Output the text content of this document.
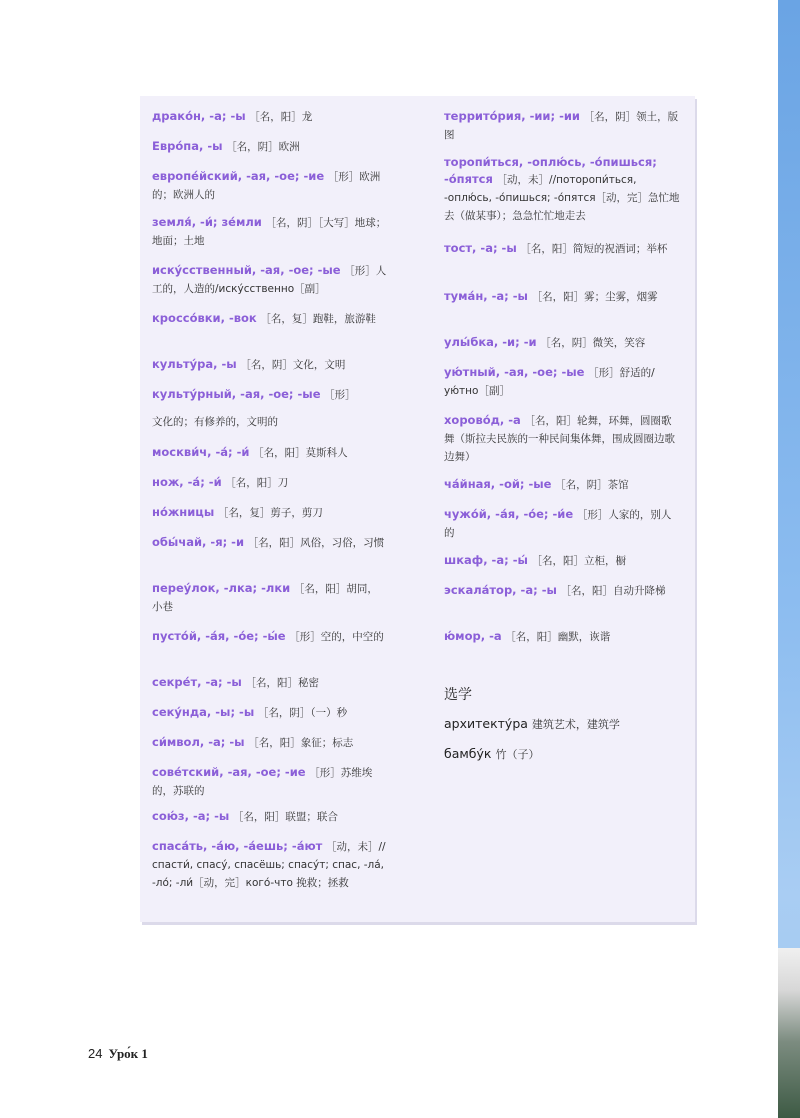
драко́н, -а; -ы ［名，阳］龙
Евро́па, -ы ［名，阴］欧洲
европе́йский, -ая, -ое; -ие ［形］欧洲的；欧洲人的
земля́, -и́; зе́мли ［名，阴］［大写］地球；地面；土地
иску́сственный, -ая, -ое; -ые ［形］人工的，人造的/иску́сственно［副］
кроссо́вки, -вок ［名，复］跑鞋，旅游鞋
культу́ра, -ы ［名，阴］文化，文明
культу́рный, -ая, -ое; -ые ［形］
文化的；有修养的，文明的
москви́ч, -а́; -и́ ［名，阳］莫斯科人
нож, -а́; -и́ ［名，阳］刀
но́жницы ［名，复］剪子，剪刀
обы́чай, -я; -и ［名，阳］风俗，习俗，习惯
переу́лок, -лка; -лки ［名，阳］胡同，小巷
пусто́й, -а́я, -о́е; -ы́е ［形］空的，中空的
секре́т, -а; -ы ［名，阳］秘密
секу́нда, -ы; -ы ［名，阴］（一）秒
си́мвол, -а; -ы ［名，阳］象征；标志
сове́тский, -ая, -ое; -ие ［形］苏维埃的，苏联的
сою́з, -а; -ы ［名，阳］联盟；联合
спаса́ть, -а́ю, -а́ешь; -а́ют ［动，未］//спасти́, спасу́, спасёшь; спасу́т; спас, -ла́, -ло́; -ли́［动，完］кого́-что 挽救；拯救
террито́рия, -ии; -ии ［名，阴］领土，版图
торопи́ться, -оплю́сь, -о́пишься; -о́пятся ［动，未］//поторопи́ться, -оплю́сь, -о́пишься; -о́пятся［动，完］急忙地去（做某事）；急急忙忙地走去
тост, -а; -ы ［名，阳］简短的祝酒词；举杯
тума́н, -а; -ы ［名，阳］雾；尘雾，烟雾
улы́бка, -и; -и ［名，阴］微笑，笑容
ую́тный, -ая, -ое; -ые ［形］舒适的/ую́тно［副］
хорово́д, -а ［名，阳］轮舞，环舞，圆圈歌舞（斯拉夫民族的一种民间集体舞，围成圆圈边歌边舞）
ча́йная, -ой; -ые ［名，阴］茶馆
чужо́й, -а́я, -о́е; -и́е ［形］人家的，别人的
шкаф, -а; -ы́ ［名，阳］立柜，橱
эскала́тор, -а; -ы ［名，阳］自动升降梯
ю́мор, -а ［名，阳］幽默，诙谐
选学
архитекту́ра 建筑艺术，建筑学
бамбу́к 竹（子）
24 Уро́к 1
